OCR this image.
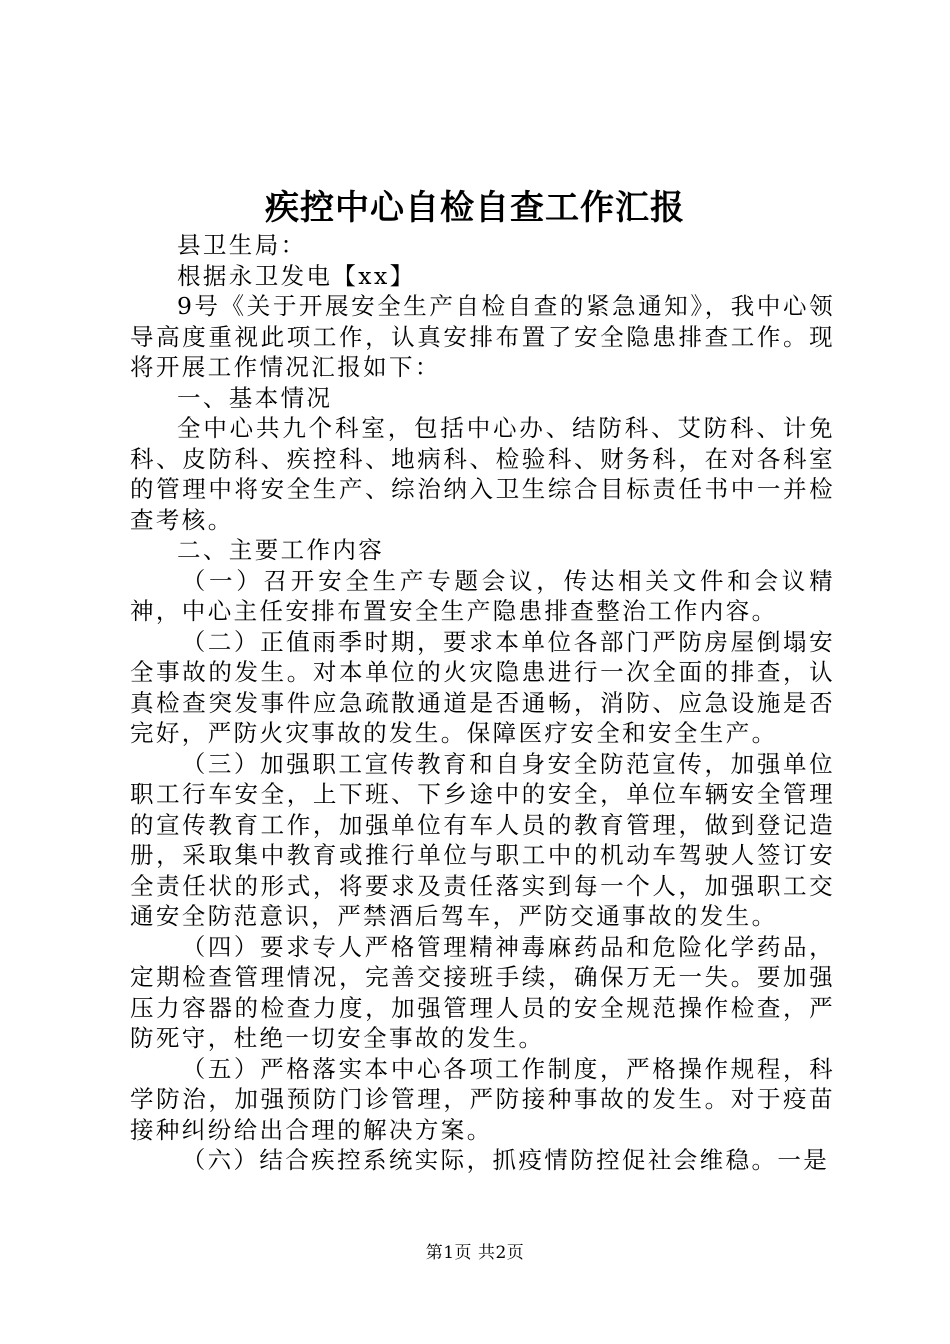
疾控中心自检自查工作汇报

县卫生局：

根据永卫发电【xx】

9号《关于开展安全生产自检自查的紧急通知》，我中心领导高度重视此项工作，认真安排布置了安全隐患排查工作。现将开展工作情况汇报如下：

一、基本情况

全中心共九个科室，包括中心办、结防科、艾防科、计免科、皮防科、疾控科、地病科、检验科、财务科，在对各科室的管理中将安全生产、综治纳入卫生综合目标责任书中一并检查考核。

二、主要工作内容

（一）召开安全生产专题会议，传达相关文件和会议精神，中心主任安排布置安全生产隐患排查整治工作内容。

（二）正值雨季时期，要求本单位各部门严防房屋倒塌安全事故的发生。对本单位的火灾隐患进行一次全面的排查，认真检查突发事件应急疏散通道是否通畅，消防、应急设施是否完好，严防火灾事故的发生。保障医疗安全和安全生产。

（三）加强职工宣传教育和自身安全防范宣传，加强单位职工行车安全，上下班、下乡途中的安全，单位车辆安全管理的宣传教育工作，加强单位有车人员的教育管理，做到登记造册，采取集中教育或推行单位与职工中的机动车驾驶人签订安全责任状的形式，将要求及责任落实到每一个人，加强职工交通安全防范意识，严禁酒后驾车，严防交通事故的发生。

（四）要求专人严格管理精神毒麻药品和危险化学药品，定期检查管理情况，完善交接班手续，确保万无一失。要加强压力容器的检查力度，加强管理人员的安全规范操作检查，严防死守，杜绝一切安全事故的发生。

（五）严格落实本中心各项工作制度，严格操作规程，科学防治，加强预防门诊管理，严防接种事故的发生。对于疫苗接种纠纷给出合理的解决方案。

（六）结合疾控系统实际，抓疫情防控促社会维稳。一是

第1页 共2页
